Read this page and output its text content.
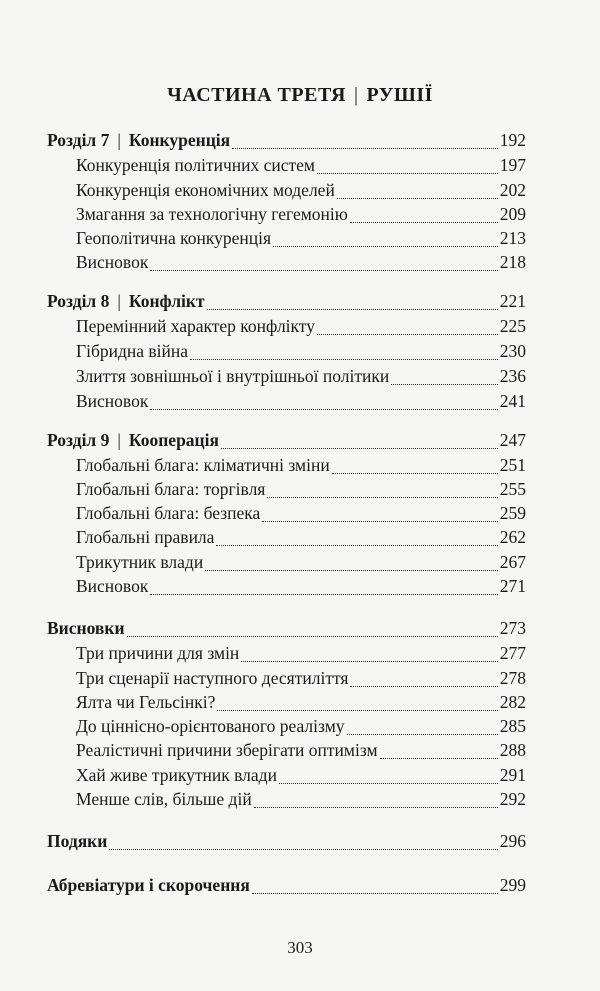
ЧАСТИНА ТРЕТЯ | РУШІЇ
Розділ 7 | Конкуренція	192
Конкуренція політичних систем	197
Конкуренція економічних моделей	202
Змагання за технологічну гегемонію	209
Геополітична конкуренція	213
Висновок	218
Розділ 8 | Конфлікт	221
Перемінний характер конфлікту	225
Гібридна війна	230
Злиття зовнішньої і внутрішньої політики	236
Висновок	241
Розділ 9 | Кооперація	247
Глобальні блага: кліматичні зміни	251
Глобальні блага: торгівля	255
Глобальні блага: безпека	259
Глобальні правила	262
Трикутник влади	267
Висновок	271
Висновки	273
Три причини для змін	277
Три сценарії наступного десятиліття	278
Ялта чи Гельсінкі?	282
До ціннісно-орієнтованого реалізму	285
Реалістичні причини зберігати оптимізм	288
Хай живе трикутник влади	291
Менше слів, більше дій	292
Подяки	296
Абревіатури і скорочення	299
303
